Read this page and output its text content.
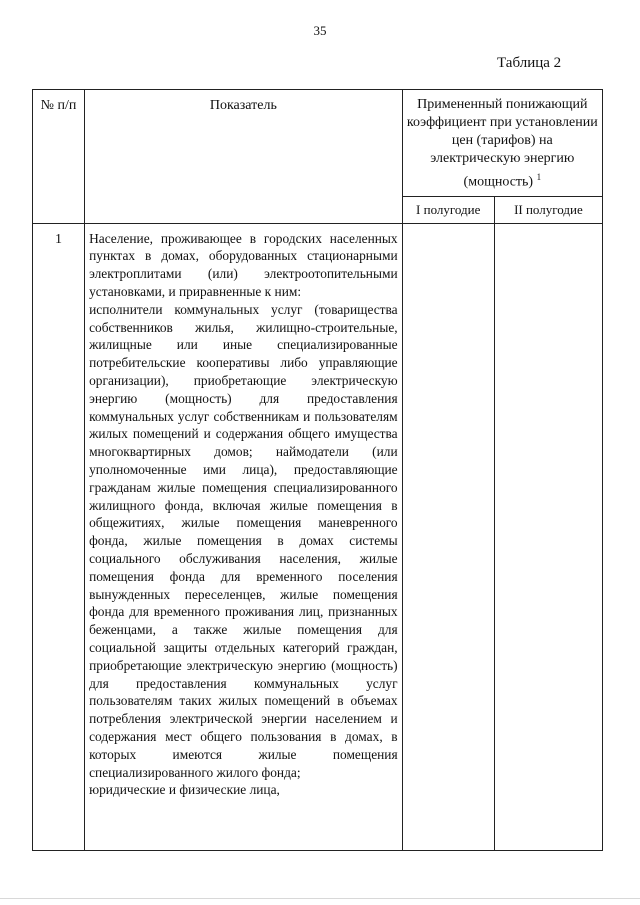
35
Таблица 2
№ п/п	Показатель	Примененный понижающий коэффициент при установлении цен (тарифов) на электрическую энергию (мощность) $^1$
		I полугодие	II полугодие
1	Население, проживающее в городских населенных пунктах в домах, оборудованных стационарными электроплитами (или) электроотопительными установками, и приравненные к ним:
исполнители коммунальных услуг (товарищества собственников жилья, жилищно-строительные, жилищные или иные специализированные потребительские кооперативы либо управляющие организации), приобретающие электрическую энергию (мощность) для предоставления коммунальных услуг собственникам и пользователям жилых помещений и содержания общего имущества многоквартирных домов; наймодатели (или уполномоченные ими лица), предоставляющие гражданам жилые помещения специализированного жилищного фонда, включая жилые помещения в общежитиях, жилые помещения маневренного фонда, жилые помещения в домах системы социального обслуживания населения, жилые помещения фонда для временного поселения вынужденных переселенцев, жилые помещения фонда для временного проживания лиц, признанных беженцами, а также жилые помещения для социальной защиты отдельных категорий граждан, приобретающие электрическую энергию (мощность) для предоставления коммунальных услуг пользователям таких жилых помещений в объемах потребления электрической энергии населением и содержания мест общего пользования в домах, в которых имеются жилые помещения специализированного жилого фонда;
юридические и физические лица,		
